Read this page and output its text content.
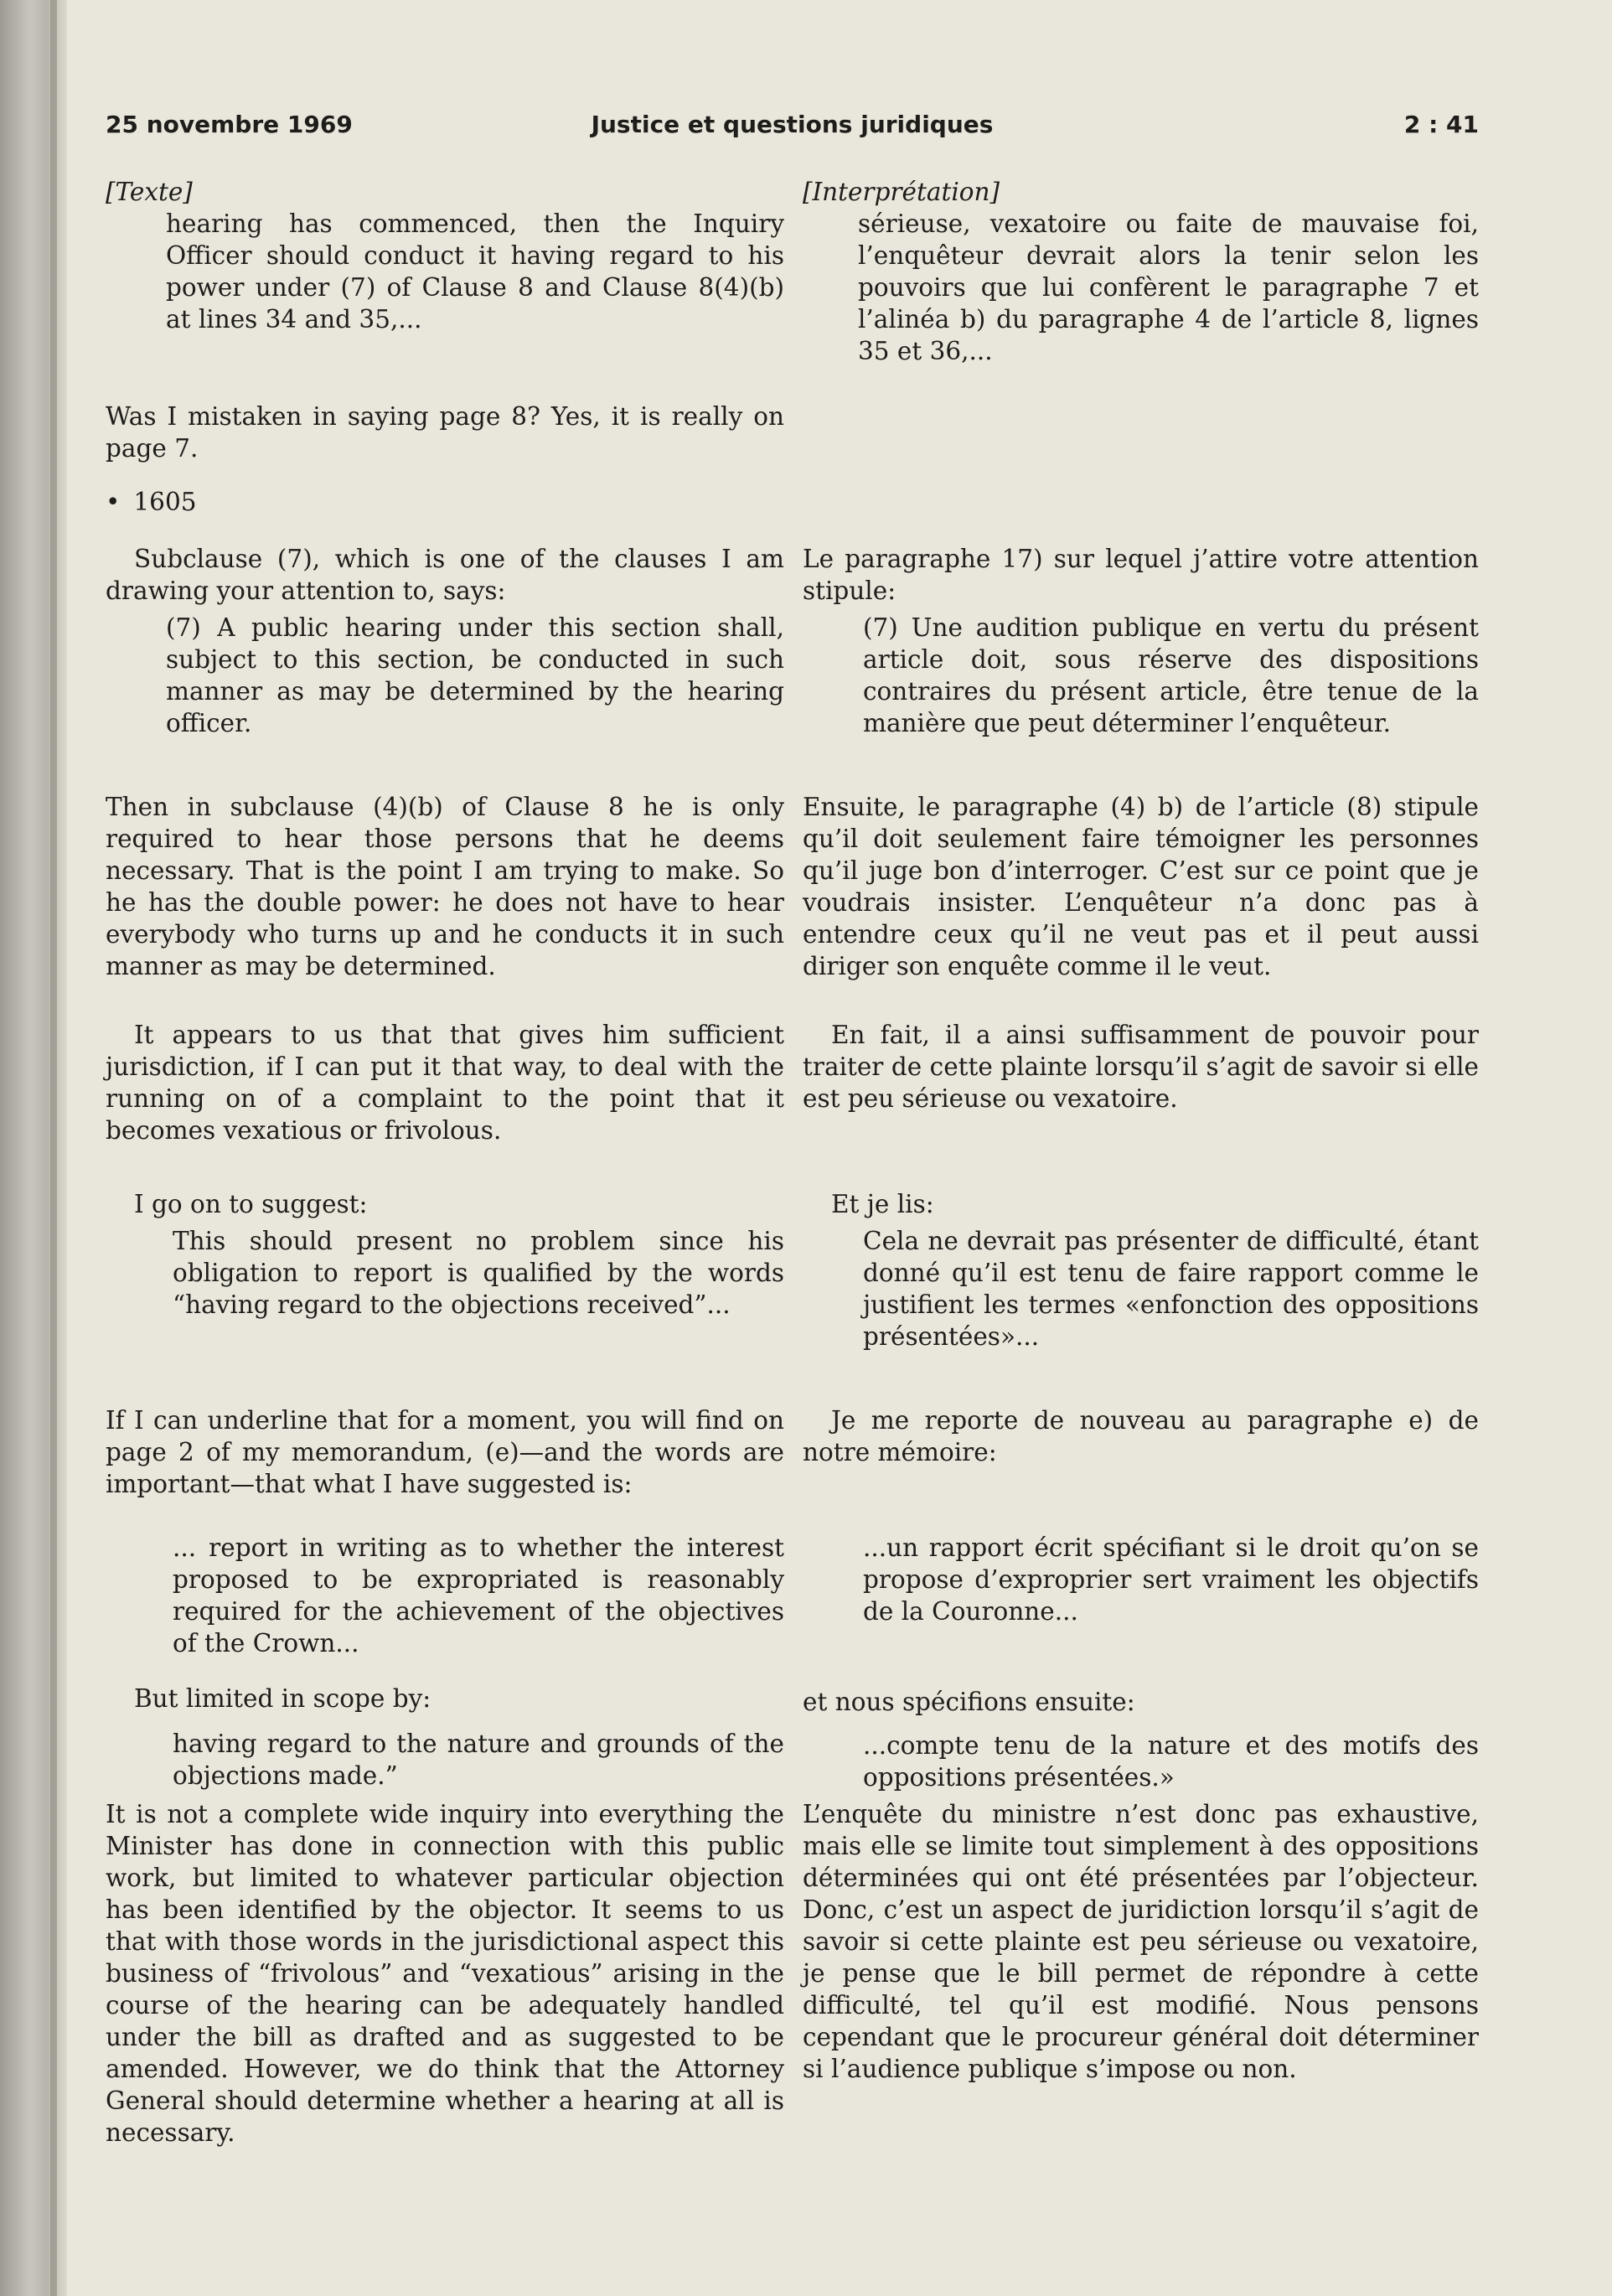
25 novembre 1969	Justice et questions juridiques	2 : 41

[Texte]

hearing has commenced, then the Inquiry Officer should conduct it having regard to his power under (7) of Clause 8 and Clause 8(4)(b) at lines 34 and 35,...

Was I mistaken in saying page 8? Yes, it is really on page 7.

• 1605

Subclause (7), which is one of the clauses I am drawing your attention to, says:

(7) A public hearing under this section shall, subject to this section, be conducted in such manner as may be determined by the hearing officer.

Then in subclause (4)(b) of Clause 8 he is only required to hear those persons that he deems necessary. That is the point I am trying to make. So he has the double power: he does not have to hear everybody who turns up and he conducts it in such manner as may be determined.

It appears to us that that gives him sufficient jurisdiction, if I can put it that way, to deal with the running on of a complaint to the point that it becomes vexatious or frivolous.

I go on to suggest:

This should present no problem since his obligation to report is qualified by the words “having regard to the objections received”...

If I can underline that for a moment, you will find on page 2 of my memorandum, (e)—and the words are important—that what I have suggested is:

... report in writing as to whether the interest proposed to be expropriated is reasonably required for the achievement of the objectives of the Crown...

But limited in scope by:

having regard to the nature and grounds of the objections made.”

It is not a complete wide inquiry into everything the Minister has done in connection with this public work, but limited to whatever particular objection has been identified by the objector. It seems to us that with those words in the jurisdictional aspect this business of “frivolous” and “vexatious” arising in the course of the hearing can be adequately handled under the bill as drafted and as suggested to be amended. However, we do think that the Attorney General should determine whether a hearing at all is necessary.

[Interprétation]

sérieuse, vexatoire ou faite de mauvaise foi, l’enquêteur devrait alors la tenir selon les pouvoirs que lui confèrent le paragraphe 7 et l’alinéa b) du paragraphe 4 de l’article 8, lignes 35 et 36,...

Le paragraphe 17) sur lequel j’attire votre attention stipule:

(7) Une audition publique en vertu du présent article doit, sous réserve des dispositions contraires du présent article, être tenue de la manière que peut déterminer l’enquêteur.

Ensuite, le paragraphe (4) b) de l’article (8) stipule qu’il doit seulement faire témoigner les personnes qu’il juge bon d’interroger. C’est sur ce point que je voudrais insister. L’enquêteur n’a donc pas à entendre ceux qu’il ne veut pas et il peut aussi diriger son enquête comme il le veut.

En fait, il a ainsi suffisamment de pouvoir pour traiter de cette plainte lorsqu’il s’agit de savoir si elle est peu sérieuse ou vexatoire.

Et je lis:

Cela ne devrait pas présenter de difficulté, étant donné qu’il est tenu de faire rapport comme le justifient les termes «enfonction des oppositions présentées»...

Je me reporte de nouveau au paragraphe e) de notre mémoire:

...un rapport écrit spécifiant si le droit qu’on se propose d’exproprier sert vraiment les objectifs de la Couronne...

et nous spécifions ensuite:

...compte tenu de la nature et des motifs des oppositions présentées.»

L’enquête du ministre n’est donc pas exhaustive, mais elle se limite tout simplement à des oppositions déterminées qui ont été présentées par l’objecteur. Donc, c’est un aspect de juridiction lorsqu’il s’agit de savoir si cette plainte est peu sérieuse ou vexatoire, je pense que le bill permet de répondre à cette difficulté, tel qu’il est modifié. Nous pensons cependant que le procureur général doit déterminer si l’audience publique s’impose ou non.
